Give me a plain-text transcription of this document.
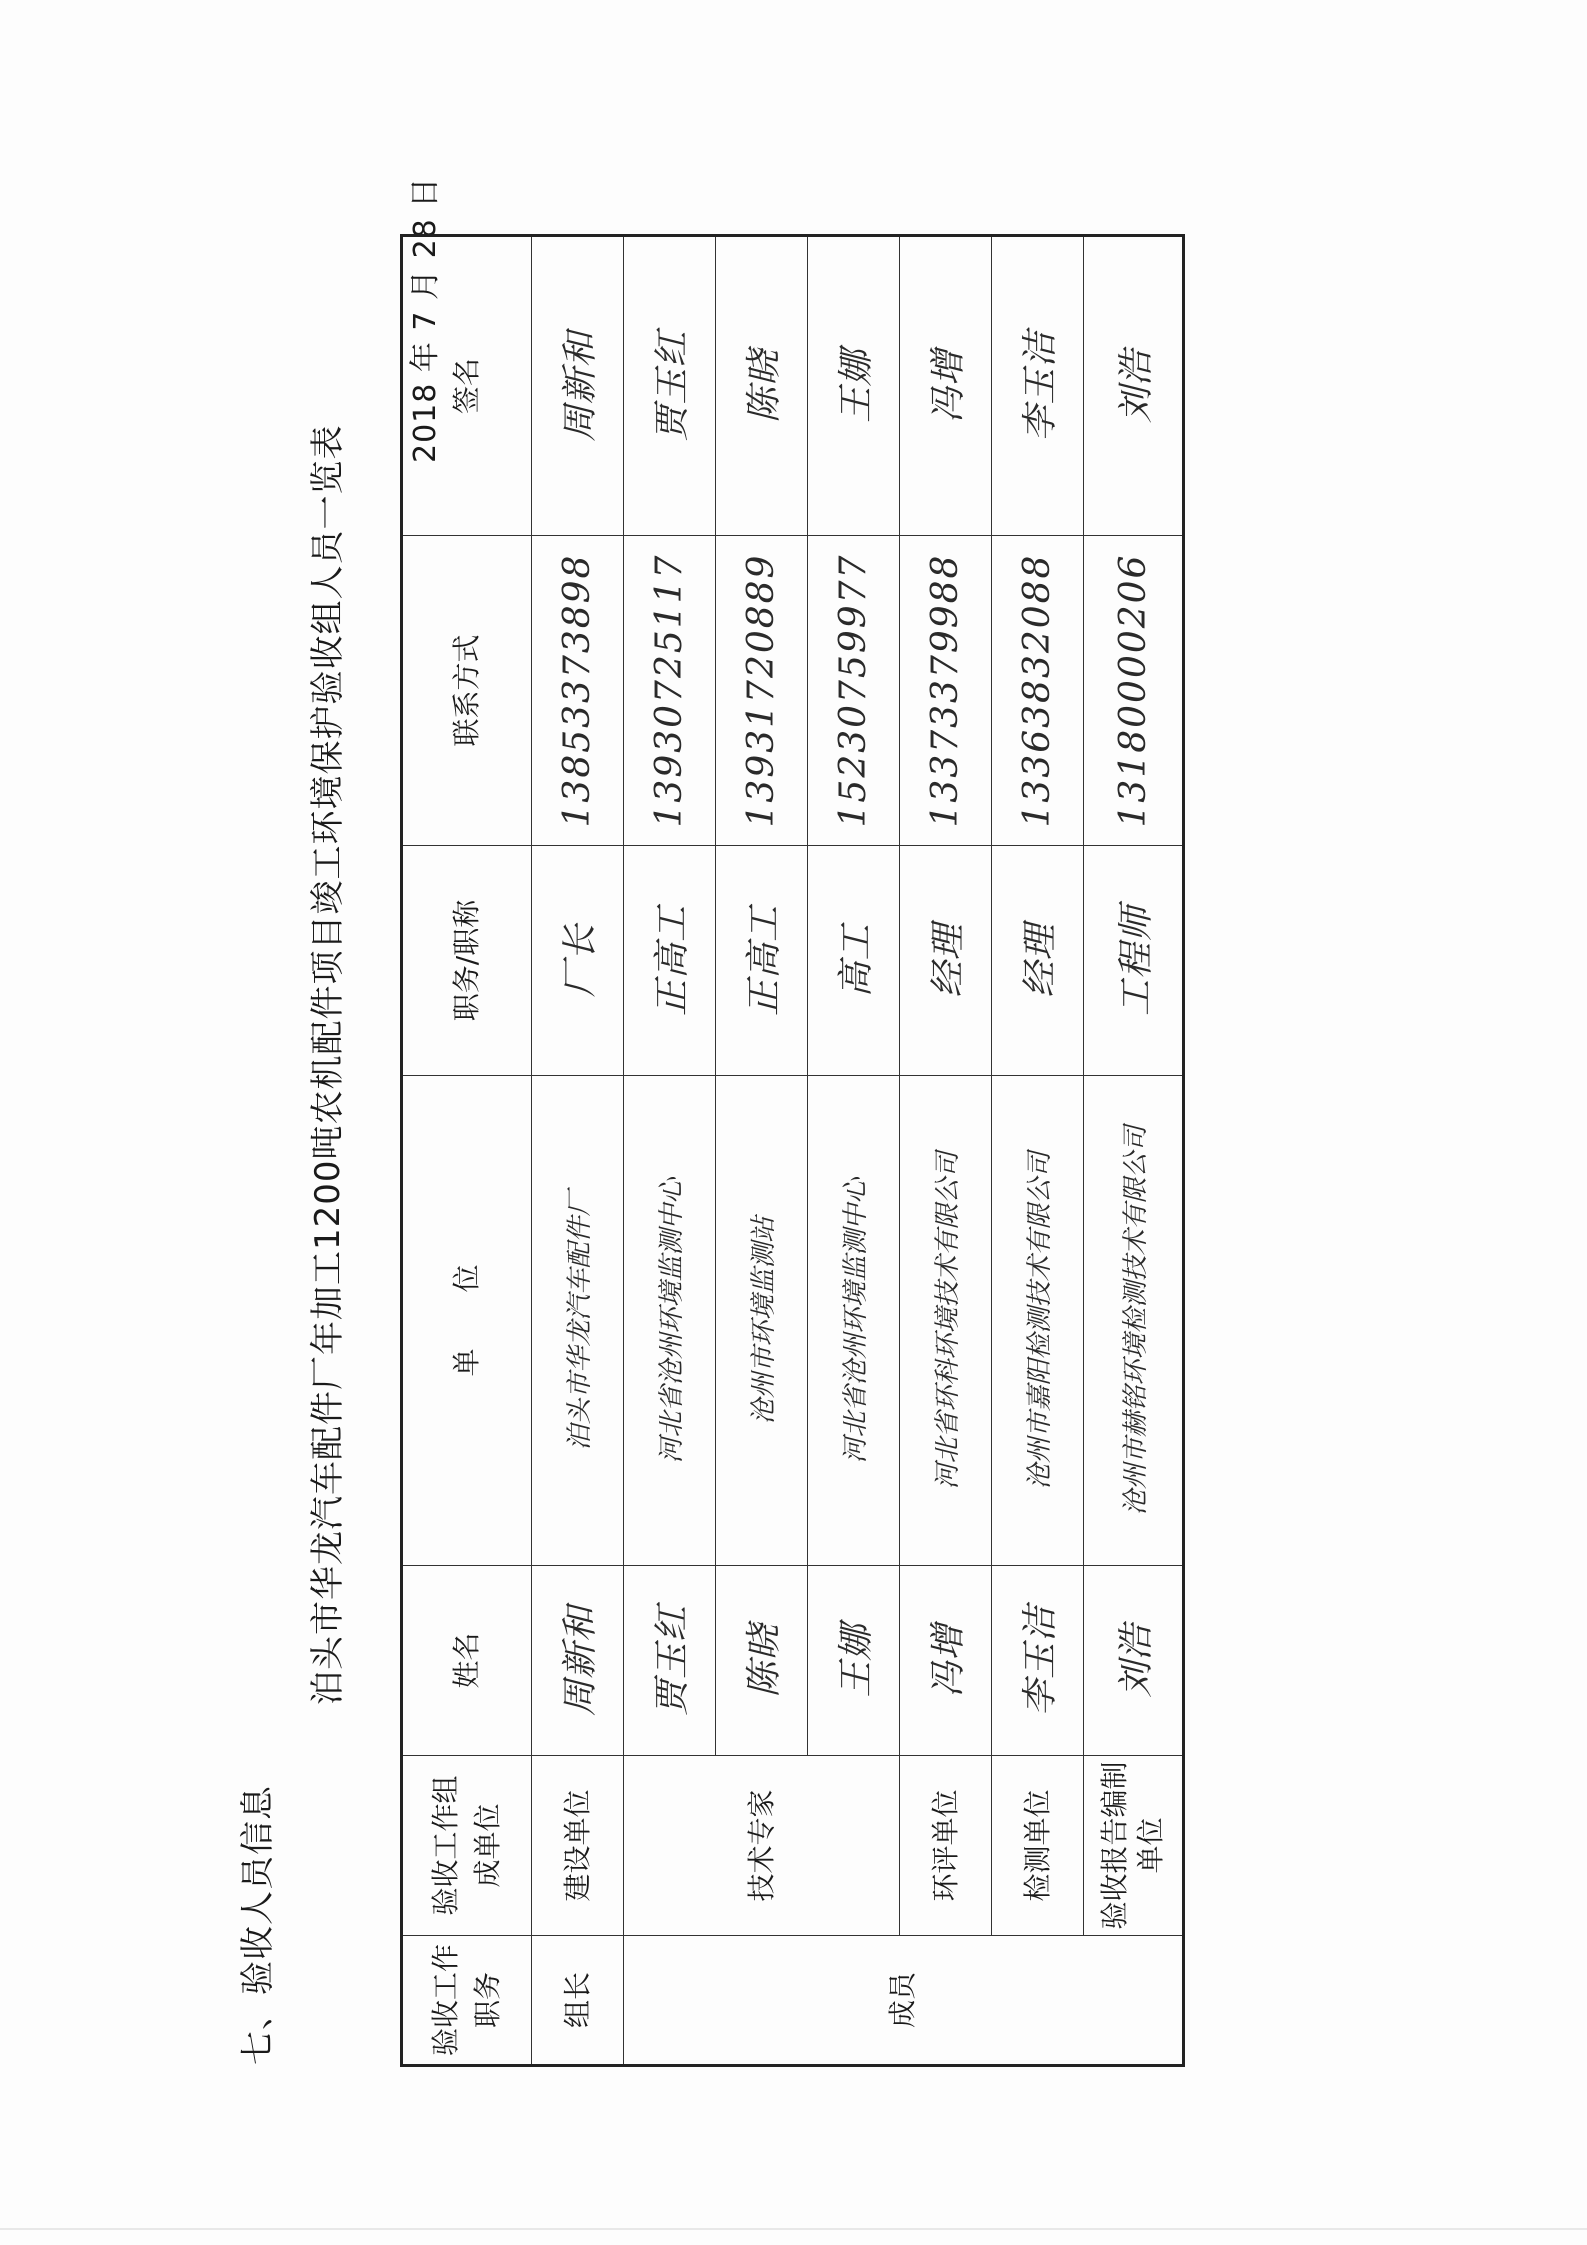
七、验收人员信息
泊头市华龙汽车配件厂年加工1200吨农机配件项目竣工环境保护验收组人员一览表
2018 年 7 月 28 日
验收工作 职务	验收工作组 成单位	姓名	单　　位	职务/职称	联系方式	签名
组长	建设单位	周新和	泊头市华龙汽车配件厂	厂长	13853373898	周新和
成员	技术专家	贾玉红	河北省沧州环境监测中心	正高工	13930725117	贾玉红
		陈晓	沧州市环境监测站	正高工	13931720889	陈晓
		王娜	河北省沧州环境监测中心	高工	15230759977	王娜
	环评单位	冯增	河北省环科环境技术有限公司	经理	13373379988	冯增
	检测单位	李玉洁	沧州市嘉阳检测技术有限公司	经理	13363832088	李玉洁
	验收报告编制单位	刘浩	沧州市赫铭环境检测技术有限公司	工程师	13180000206	刘浩
